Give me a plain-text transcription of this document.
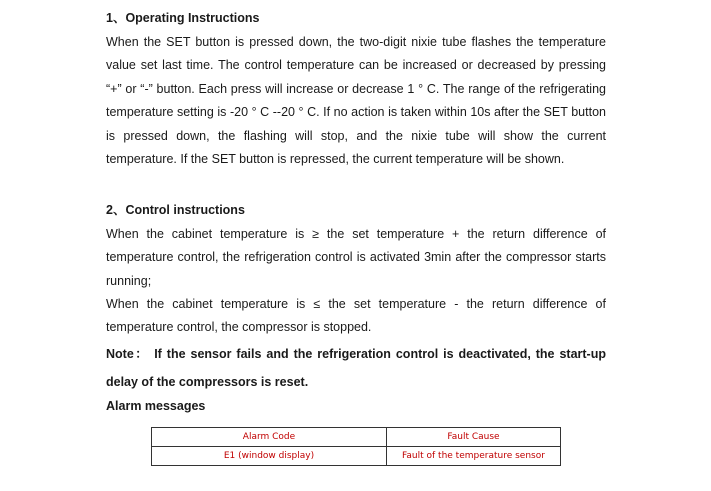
1、Operating Instructions
When the SET button is pressed down, the two-digit nixie tube flashes the temperature value set last time. The control temperature can be increased or decreased by pressing “+” or “-” button. Each press will increase or decrease 1 ° C. The range of the refrigerating temperature setting is -20 ° C --20 ° C. If no action is taken within 10s after the SET button is pressed down, the flashing will stop, and the nixie tube will show the current temperature. If the SET button is repressed, the current temperature will be shown.
2、Control instructions
When the cabinet temperature is ≥ the set temperature + the return difference of temperature control, the refrigeration control is activated 3min after the compressor starts running;
When the cabinet temperature is ≤ the set temperature - the return difference of temperature control, the compressor is stopped.
Note： If the sensor fails and the refrigeration control is deactivated, the start-up delay of the compressors is reset.
Alarm messages
Alarm Code	Fault Cause
E1 (window display)	Fault of the temperature sensor
